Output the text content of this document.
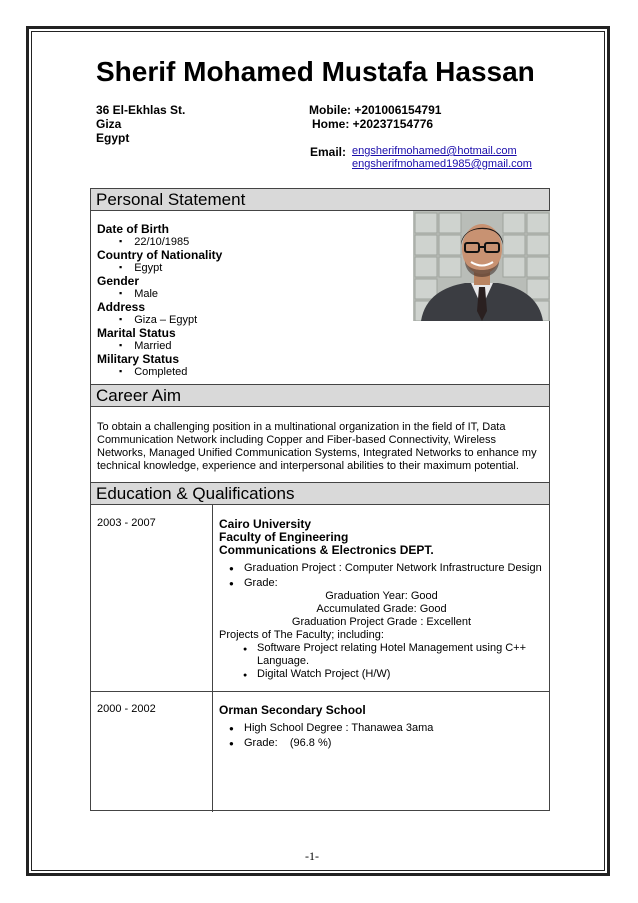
Sherif Mohamed Mustafa Hassan
36 El-Ekhlas St.
Giza
Egypt
Mobile: +201006154791
Home: +20237154776
Email: engsherifmohamed@hotmail.com
engsherifmohamed1985@gmail.com
Personal Statement
Date of Birth
▪ 22/10/1985
Country of Nationality
▪ Egypt
Gender
▪ Male
Address
▪ Giza – Egypt
Marital Status
▪ Married
Military Status
▪ Completed
Career Aim
To obtain a challenging position in a multinational organization in the field of IT, Data Communication Network including Copper and Fiber-based Connectivity, Wireless Networks, Managed Unified Communication Systems, Integrated Networks to enhance my technical knowledge, experience and interpersonal abilities to their maximum potential.
Education & Qualifications
2003 - 2007	Cairo University
Faculty of Engineering
Communications & Electronics DEPT.
● Graduation Project : Computer Network Infrastructure Design
● Grade:
Graduation Year: Good
Accumulated Grade: Good
Graduation Project Grade : Excellent
Projects of The Faculty; including:
● Software Project relating Hotel Management using C++ Language.
● Digital Watch Project (H/W)
2000 - 2002	Orman Secondary School
● High School Degree : Thanawea 3ama
● Grade:    (96.8 %)
-1-
